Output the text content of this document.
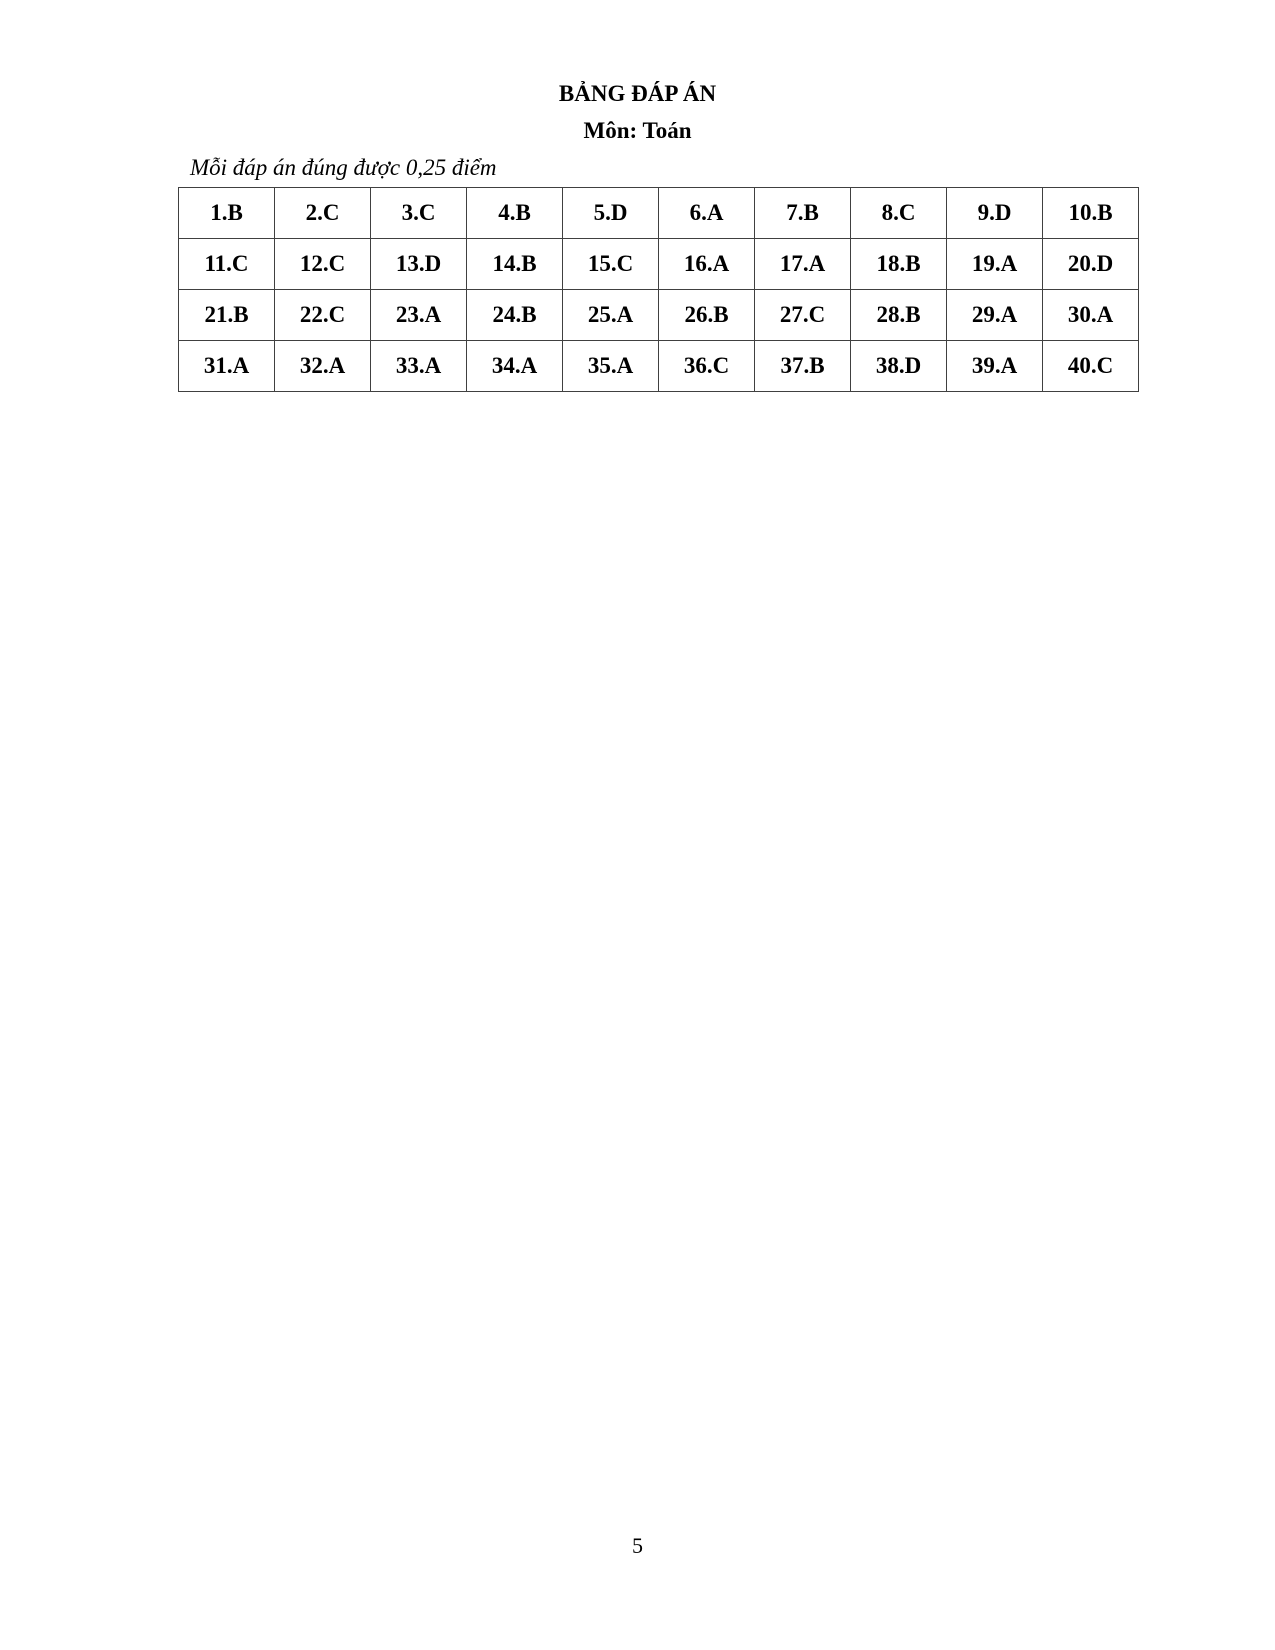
BẢNG ĐÁP ÁN
Môn: Toán
Mỗi đáp án đúng được 0,25 điểm
1.B	2.C	3.C	4.B	5.D	6.A	7.B	8.C	9.D	10.B
11.C	12.C	13.D	14.B	15.C	16.A	17.A	18.B	19.A	20.D
21.B	22.C	23.A	24.B	25.A	26.B	27.C	28.B	29.A	30.A
31.A	32.A	33.A	34.A	35.A	36.C	37.B	38.D	39.A	40.C
5
